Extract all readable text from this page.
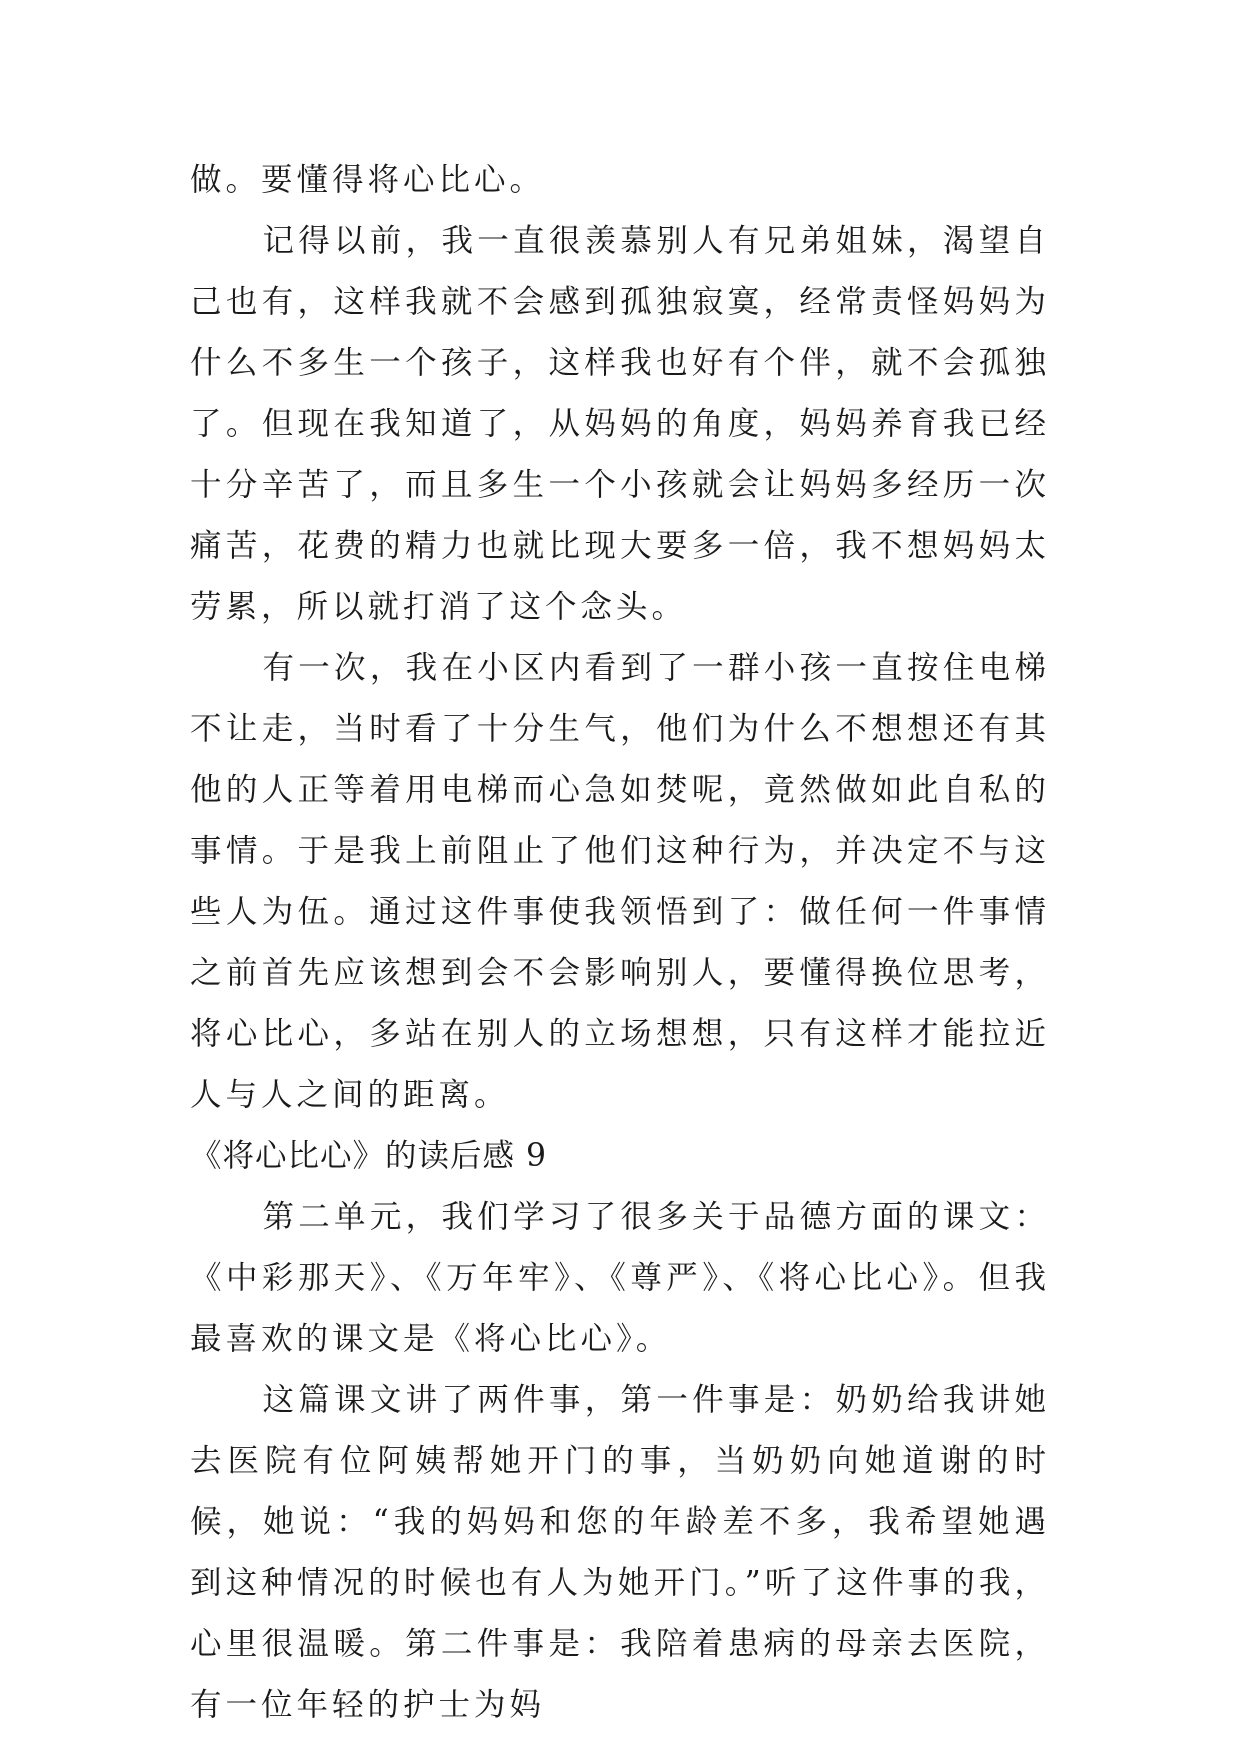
做。要懂得将心比心。

记得以前，我一直很羡慕别人有兄弟姐妹，渴望自己也有，这样我就不会感到孤独寂寞，经常责怪妈妈为什么不多生一个孩子，这样我也好有个伴，就不会孤独了。但现在我知道了，从妈妈的角度，妈妈养育我已经十分辛苦了，而且多生一个小孩就会让妈妈多经历一次痛苦，花费的精力也就比现大要多一倍，我不想妈妈太劳累，所以就打消了这个念头。

有一次，我在小区内看到了一群小孩一直按住电梯不让走，当时看了十分生气，他们为什么不想想还有其他的人正等着用电梯而心急如焚呢，竟然做如此自私的事情。于是我上前阻止了他们这种行为，并决定不与这些人为伍。通过这件事使我领悟到了：做任何一件事情之前首先应该想到会不会影响别人，要懂得换位思考，将心比心，多站在别人的立场想想，只有这样才能拉近人与人之间的距离。

《将心比心》的读后感 9

第二单元，我们学习了很多关于品德方面的课文：《中彩那天》、《万年牢》、《尊严》、《将心比心》。但我最喜欢的课文是《将心比心》。

这篇课文讲了两件事，第一件事是：奶奶给我讲她去医院有位阿姨帮她开门的事，当奶奶向她道谢的时候，她说：“我的妈妈和您的年龄差不多，我希望她遇到这种情况的时候也有人为她开门。”听了这件事的我，心里很温暖。第二件事是：我陪着患病的母亲去医院，有一位年轻的护士为妈
